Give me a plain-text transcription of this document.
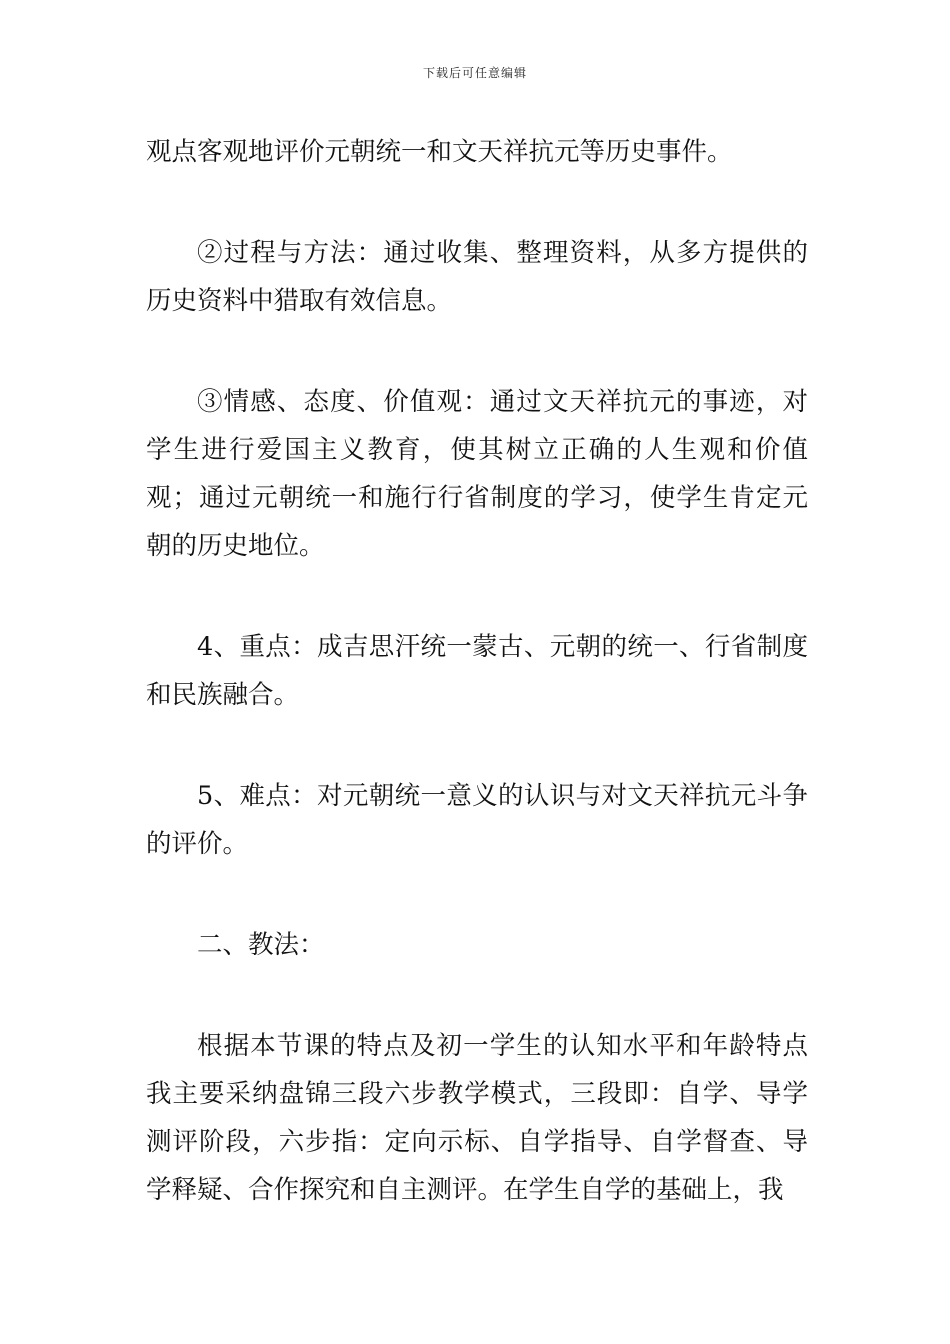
下载后可任意编辑

观点客观地评价元朝统一和文天祥抗元等历史事件。

②过程与方法：通过收集、整理资料，从多方提供的历史资料中猎取有效信息。

③情感、态度、价值观：通过文天祥抗元的事迹，对学生进行爱国主义教育，使其树立正确的人生观和价值观；通过元朝统一和施行行省制度的学习，使学生肯定元朝的历史地位。

4、重点：成吉思汗统一蒙古、元朝的统一、行省制度和民族融合。

5、难点：对元朝统一意义的认识与对文天祥抗元斗争的评价。

二、教法：

根据本节课的特点及初一学生的认知水平和年龄特点我主要采纳盘锦三段六步教学模式，三段即：自学、导学测评阶段，六步指：定向示标、自学指导、自学督查、导学释疑、合作探究和自主测评。在学生自学的基础上，我
